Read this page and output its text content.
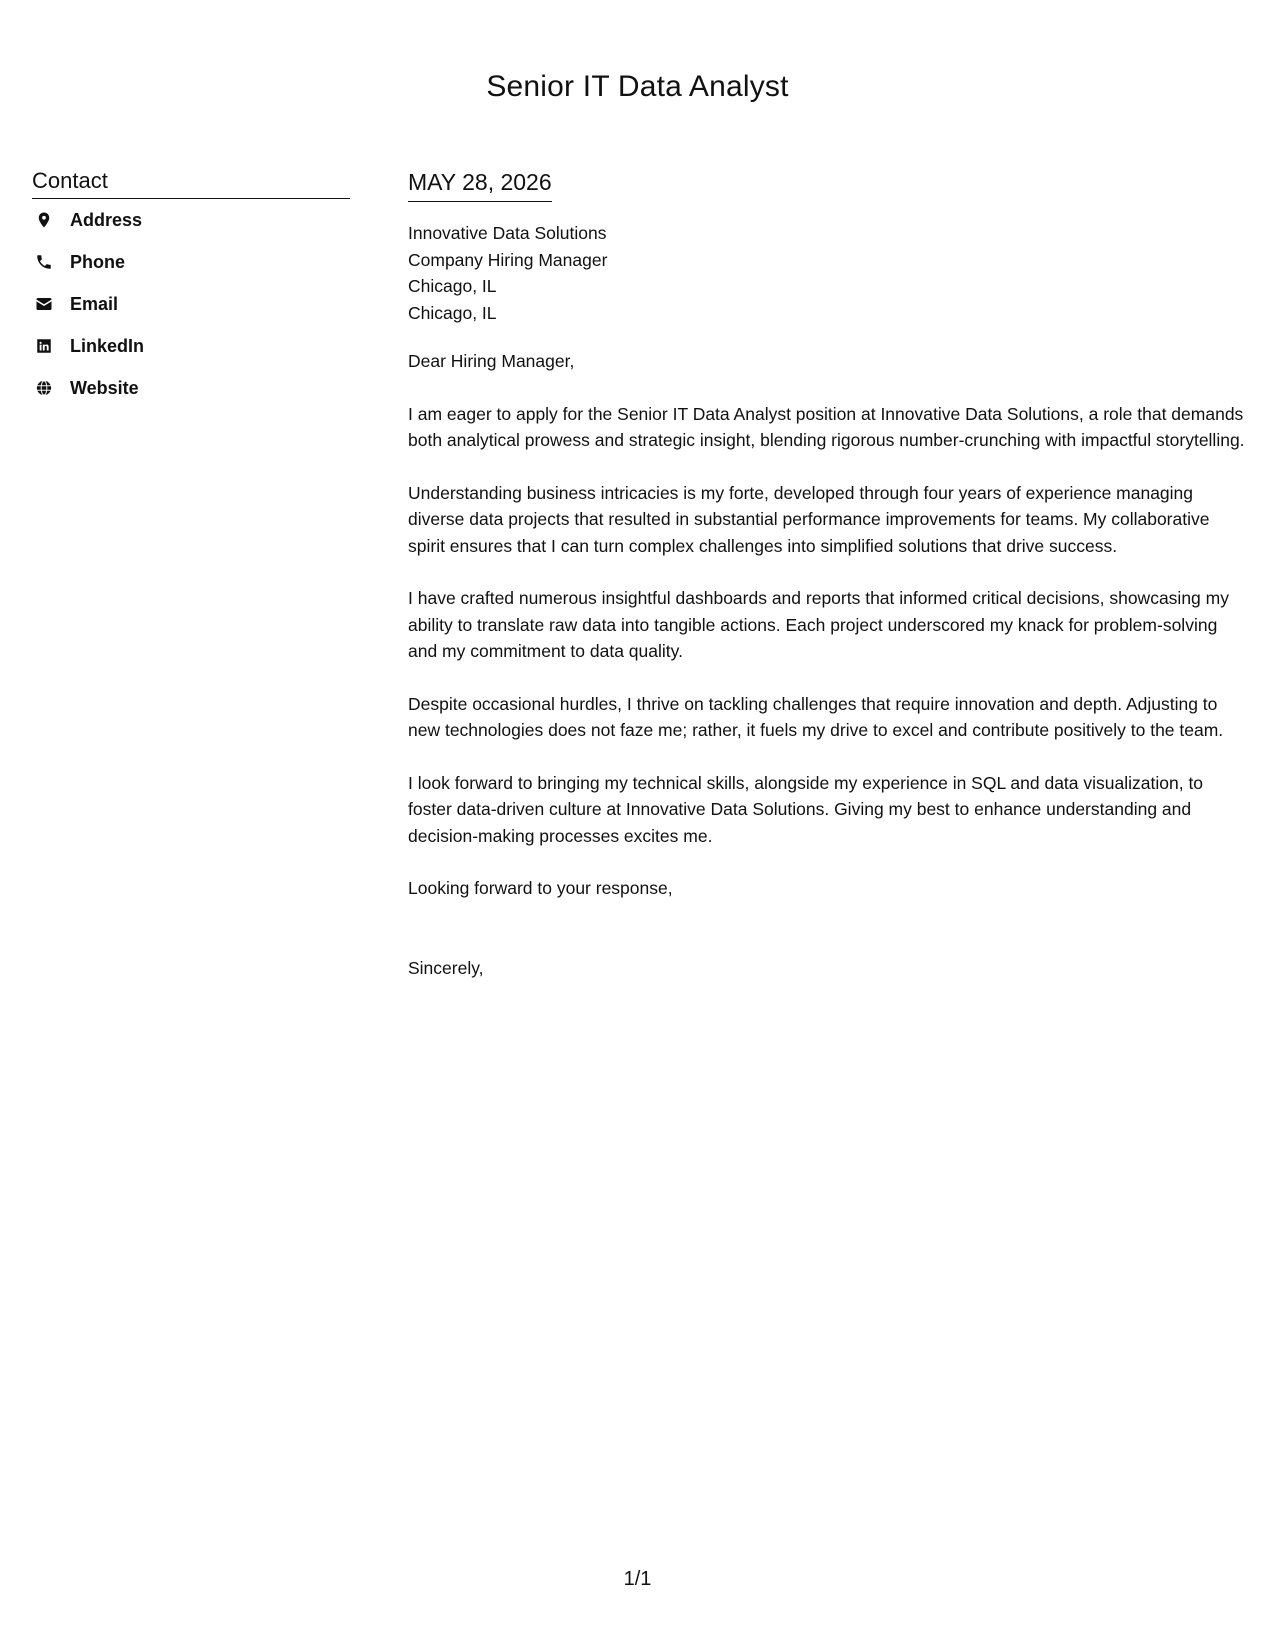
Senior IT Data Analyst
Contact
Address
Phone
Email
LinkedIn
Website
MAY 28, 2026

Innovative Data Solutions

Company Hiring Manager

Chicago, IL

Chicago, IL

Dear Hiring Manager,

I am eager to apply for the Senior IT Data Analyst position at Innovative Data Solutions, a role that demands both analytical prowess and strategic insight, blending rigorous number-crunching with impactful storytelling.

Understanding business intricacies is my forte, developed through four years of experience managing diverse data projects that resulted in substantial performance improvements for teams. My collaborative spirit ensures that I can turn complex challenges into simplified solutions that drive success.

I have crafted numerous insightful dashboards and reports that informed critical decisions, showcasing my ability to translate raw data into tangible actions. Each project underscored my knack for problem-solving and my commitment to data quality.

Despite occasional hurdles, I thrive on tackling challenges that require innovation and depth. Adjusting to new technologies does not faze me; rather, it fuels my drive to excel and contribute positively to the team.

I look forward to bringing my technical skills, alongside my experience in SQL and data visualization, to foster data-driven culture at Innovative Data Solutions. Giving my best to enhance understanding and decision-making processes excites me.

Looking forward to your response,

Sincerely,

1/1
